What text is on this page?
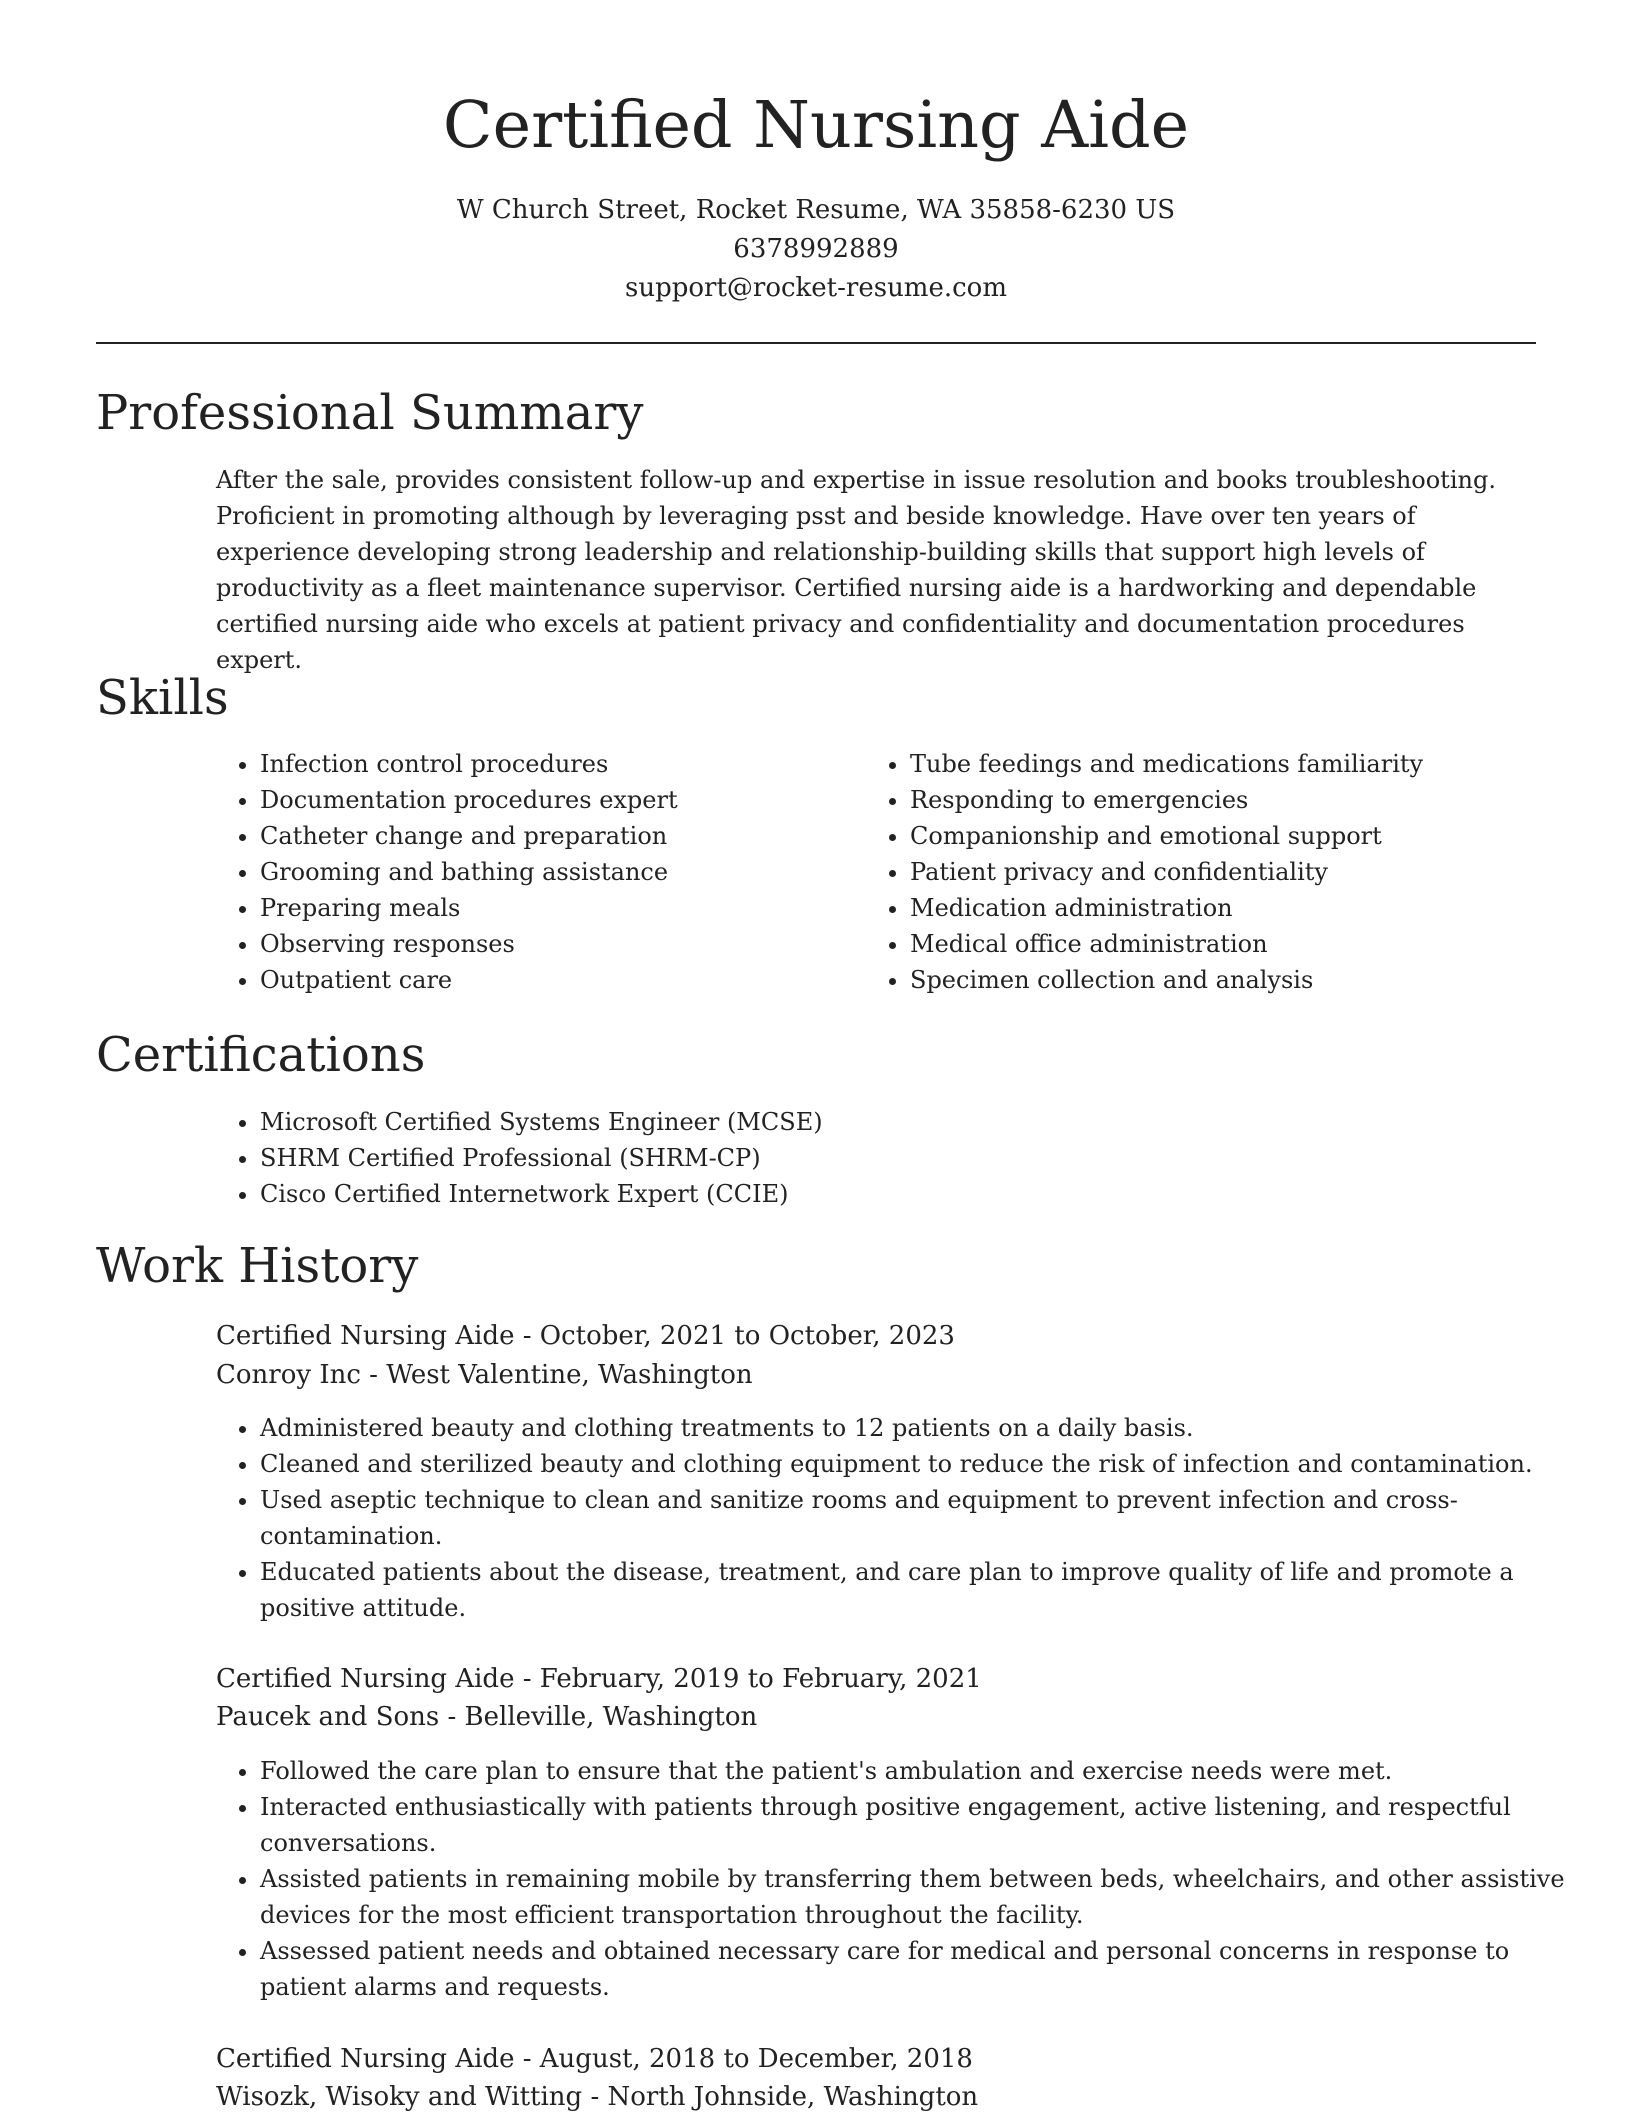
Certified Nursing Aide
W Church Street, Rocket Resume, WA 35858-6230 US
6378992889
support@rocket-resume.com
Professional Summary

After the sale, provides consistent follow-up and expertise in issue resolution and books troubleshooting. Proficient in promoting although by leveraging psst and beside knowledge. Have over ten years of experience developing strong leadership and relationship-building skills that support high levels of productivity as a fleet maintenance supervisor. Certified nursing aide is a hardworking and dependable certified nursing aide who excels at patient privacy and confidentiality and documentation procedures expert.

Skills
• Infection control procedures
• Documentation procedures expert
• Catheter change and preparation
• Grooming and bathing assistance
• Preparing meals
• Observing responses
• Outpatient care
• Tube feedings and medications familiarity
• Responding to emergencies
• Companionship and emotional support
• Patient privacy and confidentiality
• Medication administration
• Medical office administration
• Specimen collection and analysis
Certifications
• Microsoft Certified Systems Engineer (MCSE)
• SHRM Certified Professional (SHRM-CP)
• Cisco Certified Internetwork Expert (CCIE)
Work History
Certified Nursing Aide - October, 2021 to October, 2023
Conroy Inc - West Valentine, Washington
• Administered beauty and clothing treatments to 12 patients on a daily basis.
• Cleaned and sterilized beauty and clothing equipment to reduce the risk of infection and contamination.
• Used aseptic technique to clean and sanitize rooms and equipment to prevent infection and cross-contamination.
• Educated patients about the disease, treatment, and care plan to improve quality of life and promote a positive attitude.
Certified Nursing Aide - February, 2019 to February, 2021
Paucek and Sons - Belleville, Washington
• Followed the care plan to ensure that the patient's ambulation and exercise needs were met.
• Interacted enthusiastically with patients through positive engagement, active listening, and respectful conversations.
• Assisted patients in remaining mobile by transferring them between beds, wheelchairs, and other assistive devices for the most efficient transportation throughout the facility.
• Assessed patient needs and obtained necessary care for medical and personal concerns in response to patient alarms and requests.
Certified Nursing Aide - August, 2018 to December, 2018
Wisozk, Wisoky and Witting - North Johnside, Washington
